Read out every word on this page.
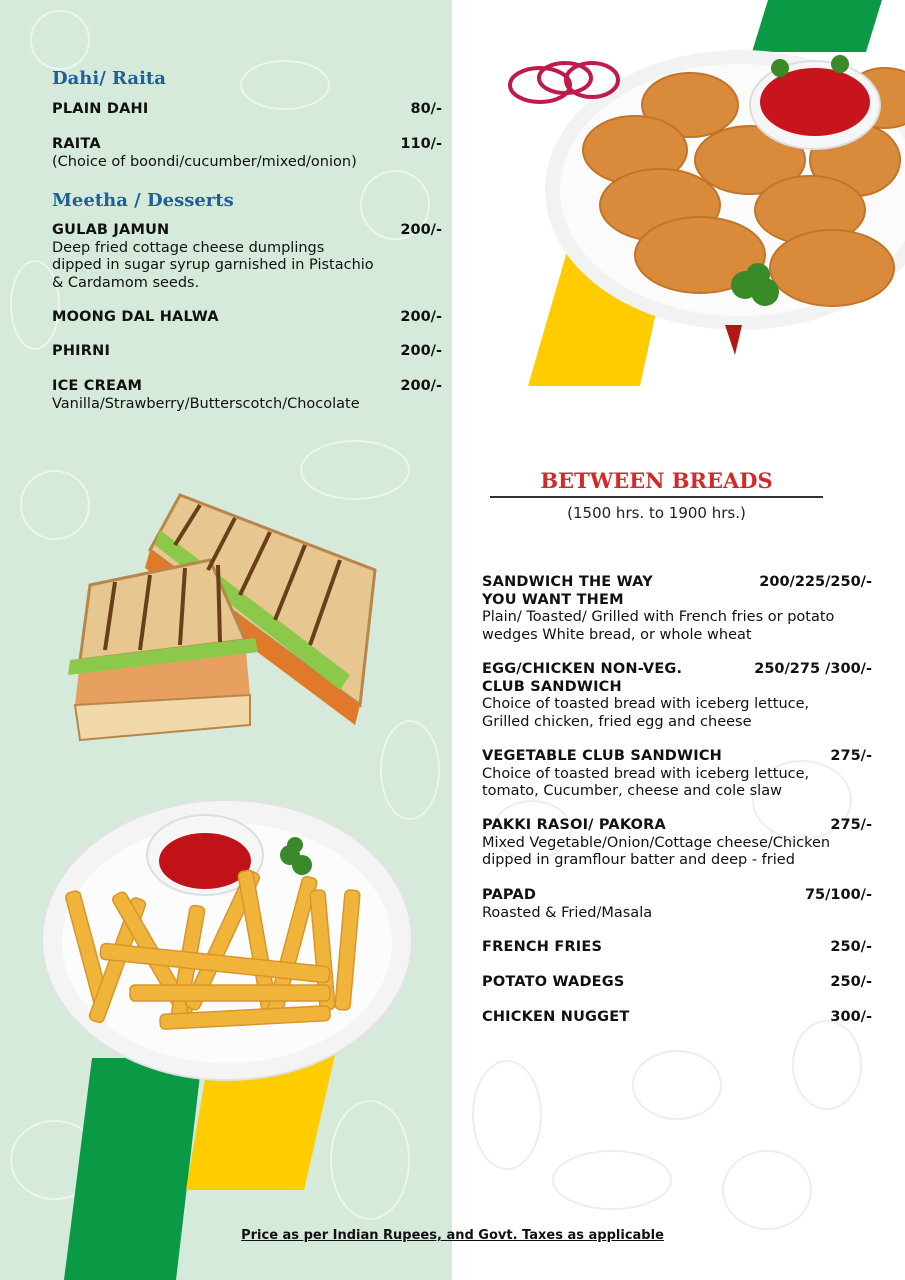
Dahi/ Raita
PLAIN DAHI	80/-
RAITA	110/-
(Choice of boondi/cucumber/mixed/onion)
Meetha / Desserts
GULAB JAMUN	200/-
Deep fried cottage cheese dumplings
dipped in sugar syrup garnished in Pistachio
& Cardamom seeds.
MOONG DAL HALWA	200/-
PHIRNI	200/-
ICE CREAM	200/-
Vanilla/Strawberry/Butterscotch/Chocolate
BETWEEN BREADS
(1500 hrs. to 1900 hrs.)
SANDWICH THE WAY
YOU WANT THEM
200/225/250/-
Plain/ Toasted/ Grilled with French fries or potato
wedges White bread, or whole wheat
EGG/CHICKEN NON-VEG.
CLUB SANDWICH
250/275 /300/-
Choice of toasted bread with iceberg lettuce,
Grilled chicken, fried egg and cheese
VEGETABLE CLUB SANDWICH	275/-
Choice of toasted bread with iceberg lettuce,
tomato, Cucumber, cheese and cole slaw
PAKKI RASOI/ PAKORA	275/-
Mixed Vegetable/Onion/Cottage cheese/Chicken
dipped in gramflour batter and deep - fried
PAPAD	75/100/-
Roasted & Fried/Masala
FRENCH FRIES	250/-
POTATO WADEGS	250/-
CHICKEN NUGGET	300/-
Price as per Indian Rupees, and Govt. Taxes as applicable
